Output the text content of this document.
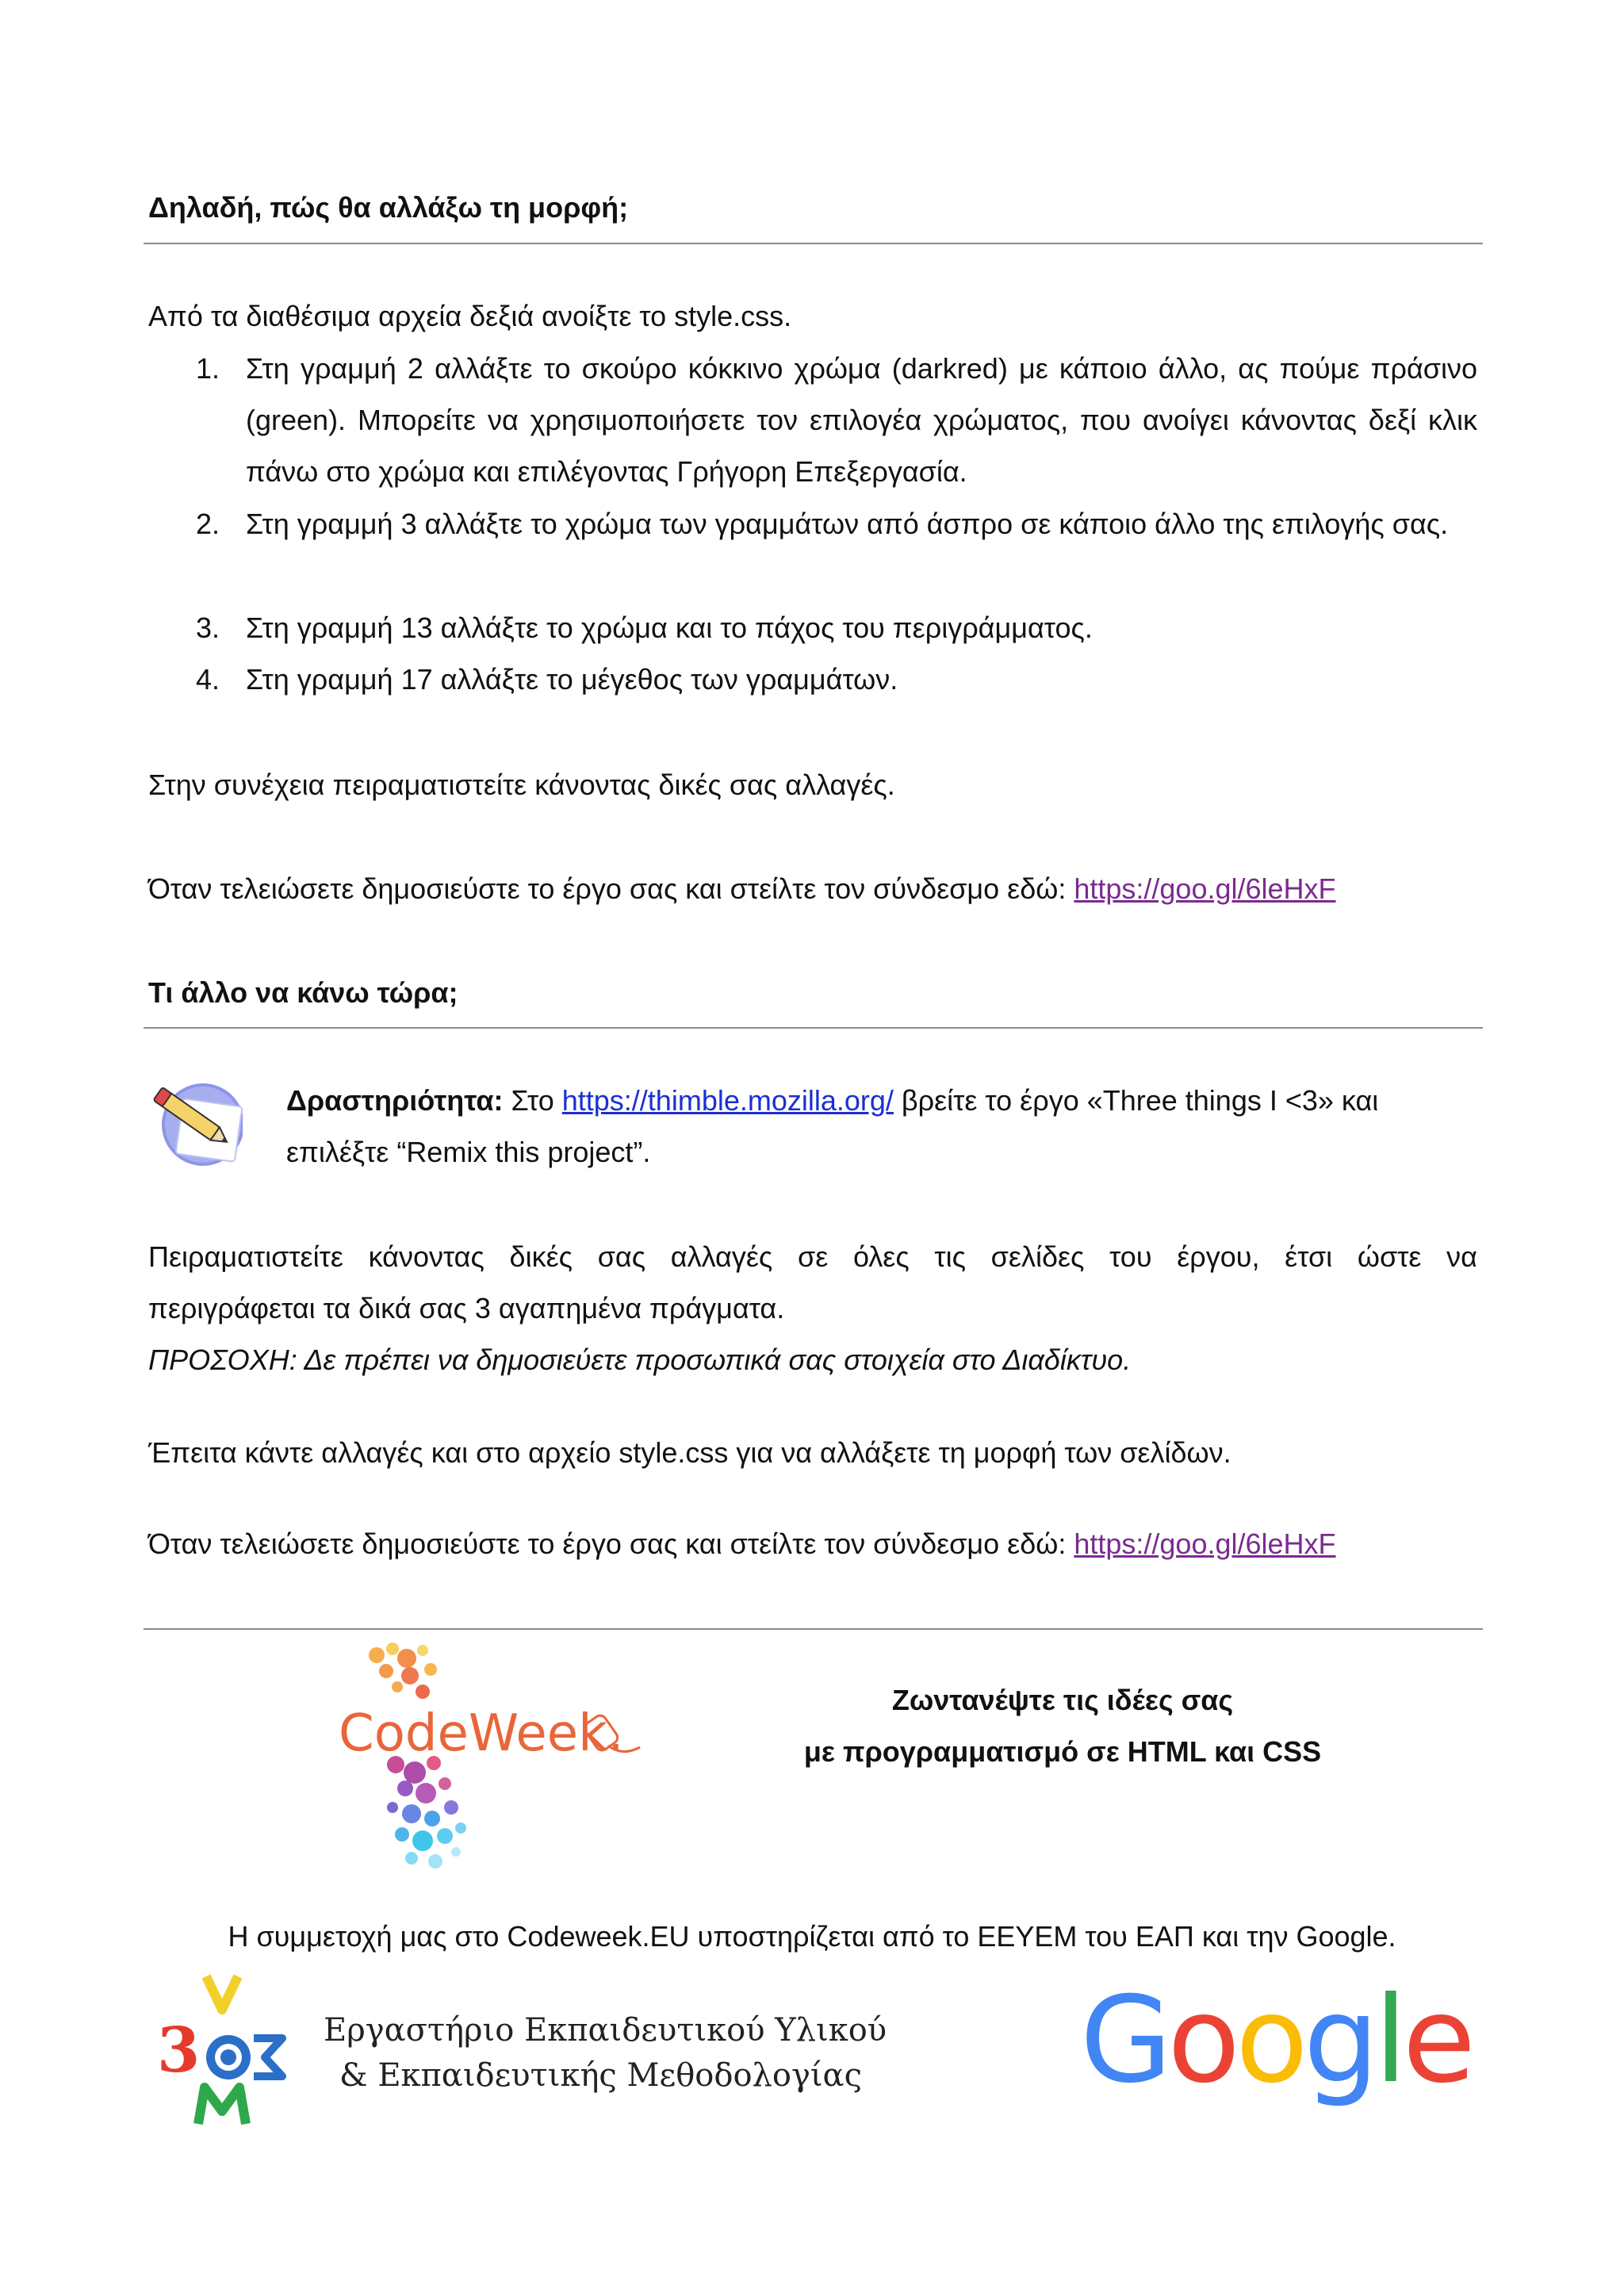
Δηλαδή, πώς θα αλλάξω τη μορφή;
Από τα διαθέσιμα αρχεία δεξιά ανοίξτε το style.css.
1. Στη γραμμή 2 αλλάξτε το σκούρο κόκκινο χρώμα (darkred) με κάποιο άλλο, ας πούμε πράσινο (green). Μπορείτε να χρησιμοποιήσετε τον επιλογέα χρώματος, που ανοίγει κάνοντας δεξί κλικ πάνω στο χρώμα και επιλέγοντας Γρήγορη Επεξεργασία.
2. Στη γραμμή 3 αλλάξτε το χρώμα των γραμμάτων από άσπρο σε κάποιο άλλο της επιλογής σας.
3. Στη γραμμή 13 αλλάξτε το χρώμα και το πάχος του περιγράμματος.
4. Στη γραμμή 17 αλλάξτε το μέγεθος των γραμμάτων.
Στην συνέχεια πειραματιστείτε κάνοντας δικές σας αλλαγές.
Όταν τελειώσετε δημοσιεύστε το έργο σας και στείλτε τον σύνδεσμο εδώ: https://goo.gl/6leHxF
Τι άλλο να κάνω τώρα;
Δραστηριότητα: Στο https://thimble.mozilla.org/ βρείτε το έργο «Three things I <3» και
επιλέξτε “Remix this project”.
Πειραματιστείτε κάνοντας δικές σας αλλαγές σε όλες τις σελίδες του έργου, έτσι ώστε να
περιγράφεται τα δικά σας 3 αγαπημένα πράγματα.
ΠΡΟΣΟΧΗ: Δε πρέπει να δημοσιεύετε προσωπικά σας στοιχεία στο Διαδίκτυο.
Έπειτα κάντε αλλαγές και στο αρχείο style.css για να αλλάξετε τη μορφή των σελίδων.
Όταν τελειώσετε δημοσιεύστε το έργο σας και στείλτε τον σύνδεσμο εδώ: https://goo.gl/6leHxF
CodeWeek.
Ζωντανέψτε τις ιδέες σας
με προγραμματισμό σε HTML και CSS
Η συμμετοχή μας στο Codeweek.EU υποστηρίζεται από το ΕΕΥΕΜ του ΕΑΠ και την Google.
3	Εργαστήριο Εκπαιδευτικού Υλικού
& Εκπαιδευτικής Μεθοδολογίας Google
